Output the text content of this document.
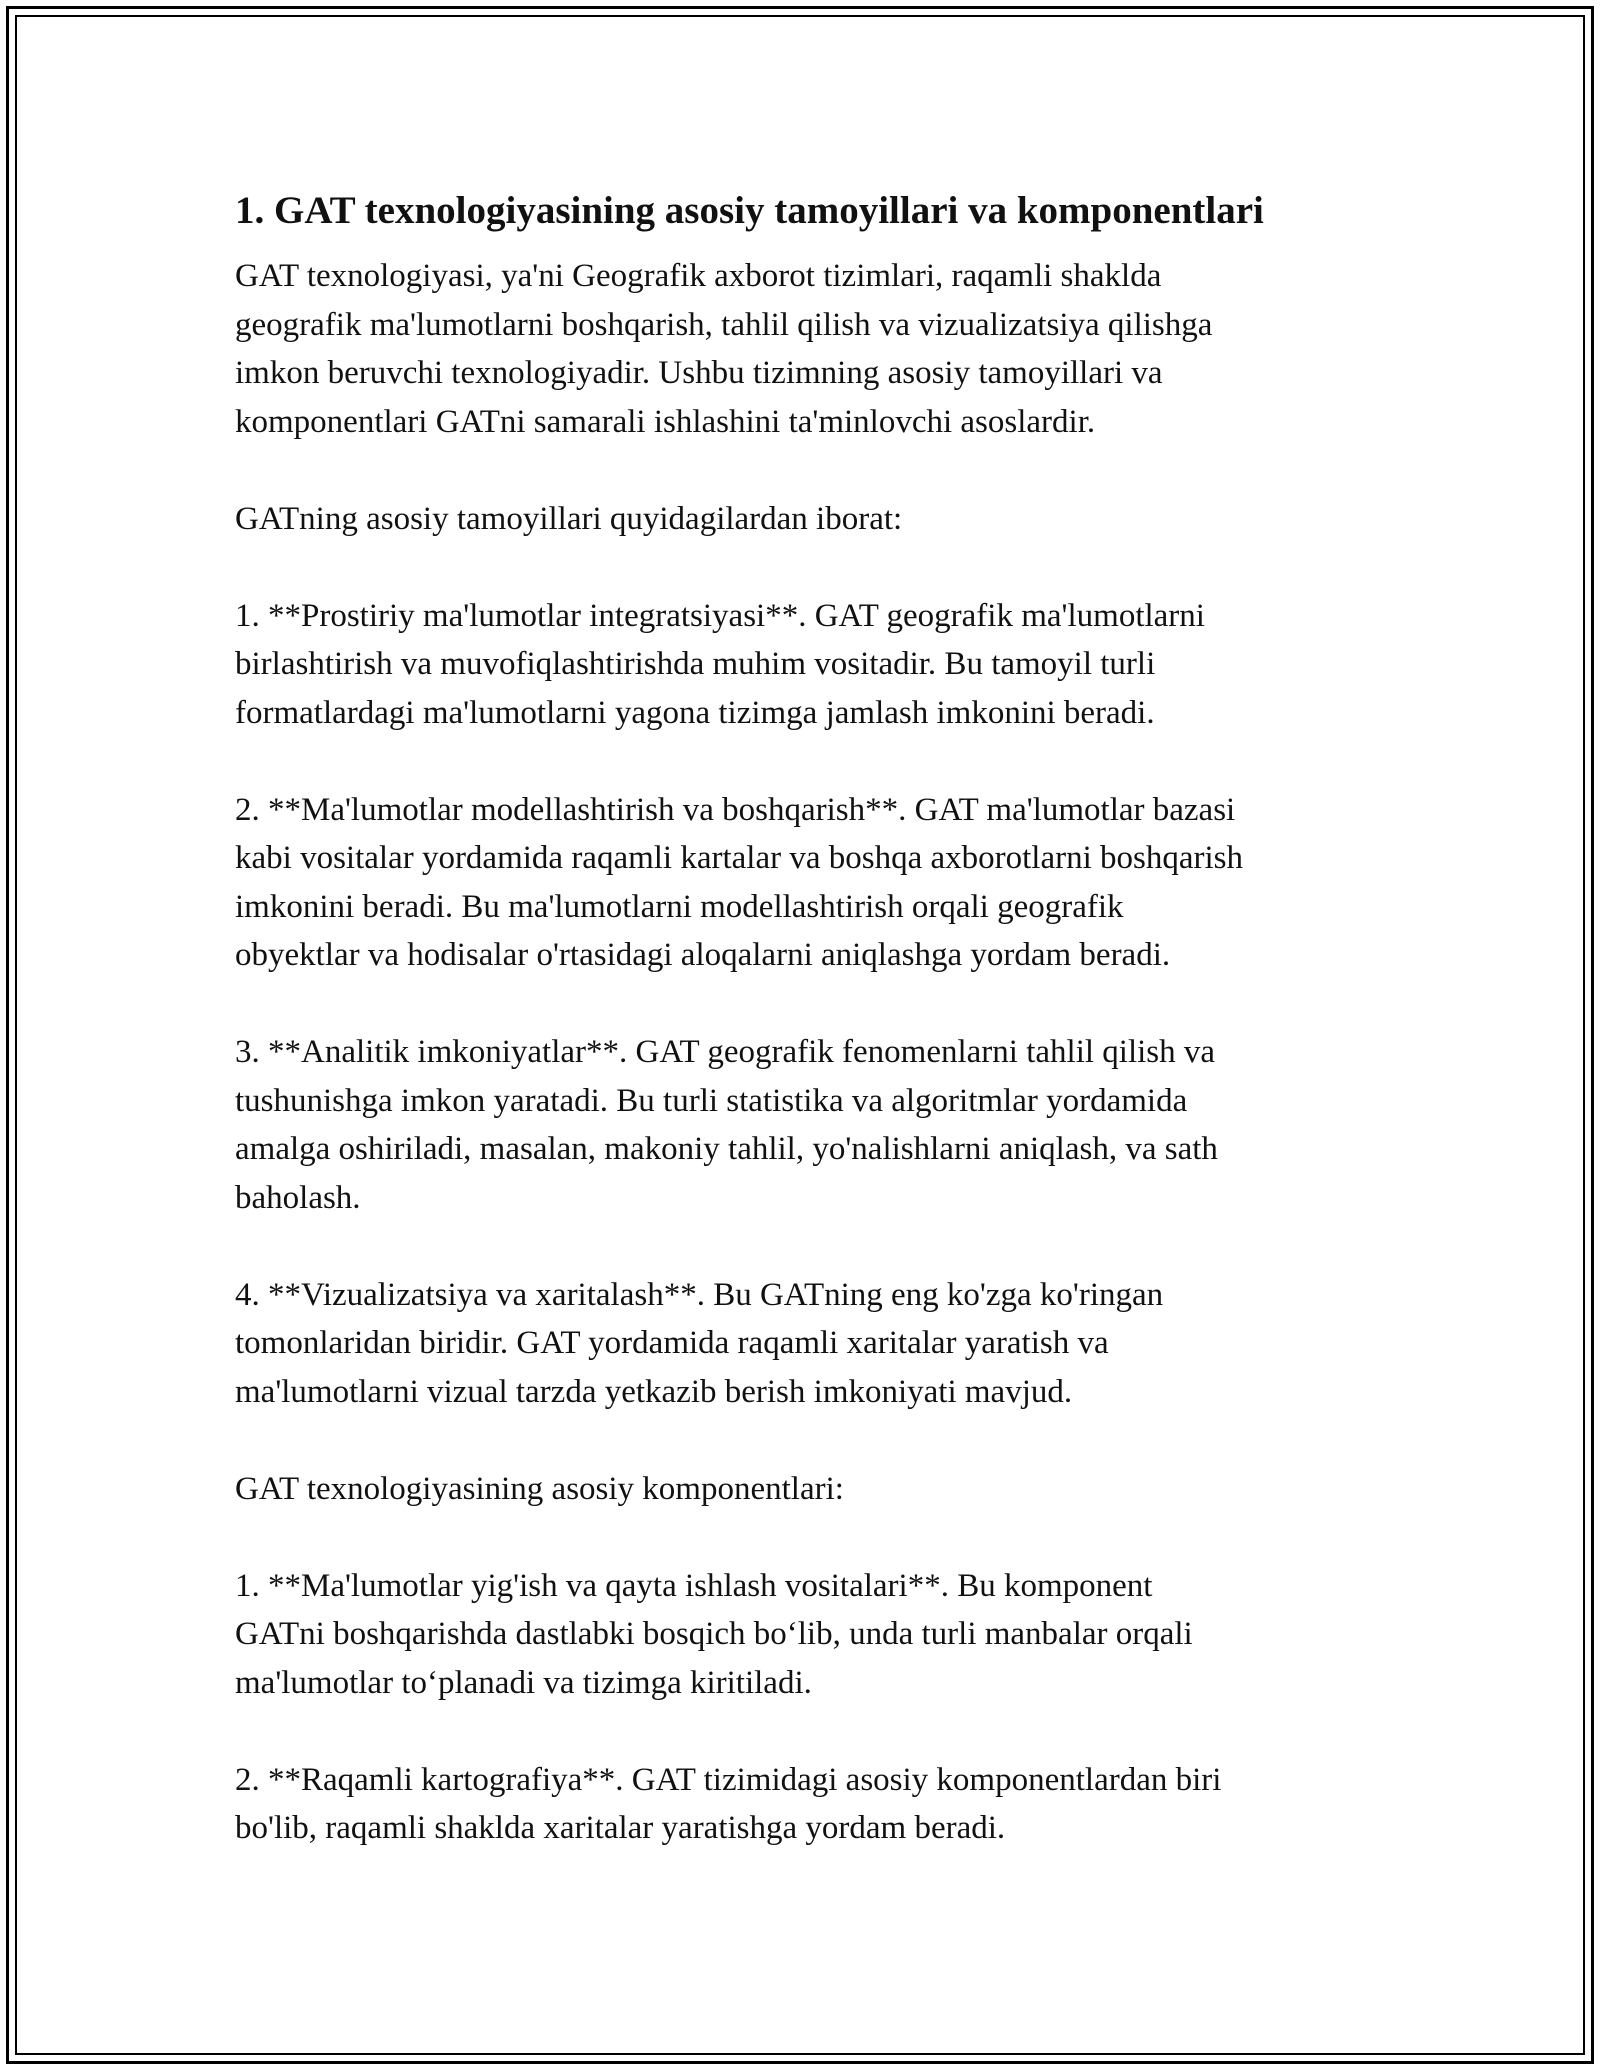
1. GAT texnologiyasining asosiy tamoyillari va komponentlari

GAT texnologiyasi, ya'ni Geografik axborot tizimlari, raqamli shaklda
geografik ma'lumotlarni boshqarish, tahlil qilish va vizualizatsiya qilishga
imkon beruvchi texnologiyadir. Ushbu tizimning asosiy tamoyillari va
komponentlari GATni samarali ishlashini ta'minlovchi asoslardir.

GATning asosiy tamoyillari quyidagilardan iborat:

1. **Prostiriy ma'lumotlar integratsiyasi**. GAT geografik ma'lumotlarni
birlashtirish va muvofiqlashtirishda muhim vositadir. Bu tamoyil turli
formatlardagi ma'lumotlarni yagona tizimga jamlash imkonini beradi.

2. **Ma'lumotlar modellashtirish va boshqarish**. GAT ma'lumotlar bazasi
kabi vositalar yordamida raqamli kartalar va boshqa axborotlarni boshqarish
imkonini beradi. Bu ma'lumotlarni modellashtirish orqali geografik
obyektlar va hodisalar o'rtasidagi aloqalarni aniqlashga yordam beradi.

3. **Analitik imkoniyatlar**. GAT geografik fenomenlarni tahlil qilish va
tushunishga imkon yaratadi. Bu turli statistika va algoritmlar yordamida
amalga oshiriladi, masalan, makoniy tahlil, yo'nalishlarni aniqlash, va sath
baholash.

4. **Vizualizatsiya va xaritalash**. Bu GATning eng ko'zga ko'ringan
tomonlaridan biridir. GAT yordamida raqamli xaritalar yaratish va
ma'lumotlarni vizual tarzda yetkazib berish imkoniyati mavjud.

GAT texnologiyasining asosiy komponentlari:

1. **Ma'lumotlar yig'ish va qayta ishlash vositalari**. Bu komponent
GATni boshqarishda dastlabki bosqich bo‘lib, unda turli manbalar orqali
ma'lumotlar to‘planadi va tizimga kiritiladi.

2. **Raqamli kartografiya**. GAT tizimidagi asosiy komponentlardan biri
bo'lib, raqamli shaklda xaritalar yaratishga yordam beradi.
